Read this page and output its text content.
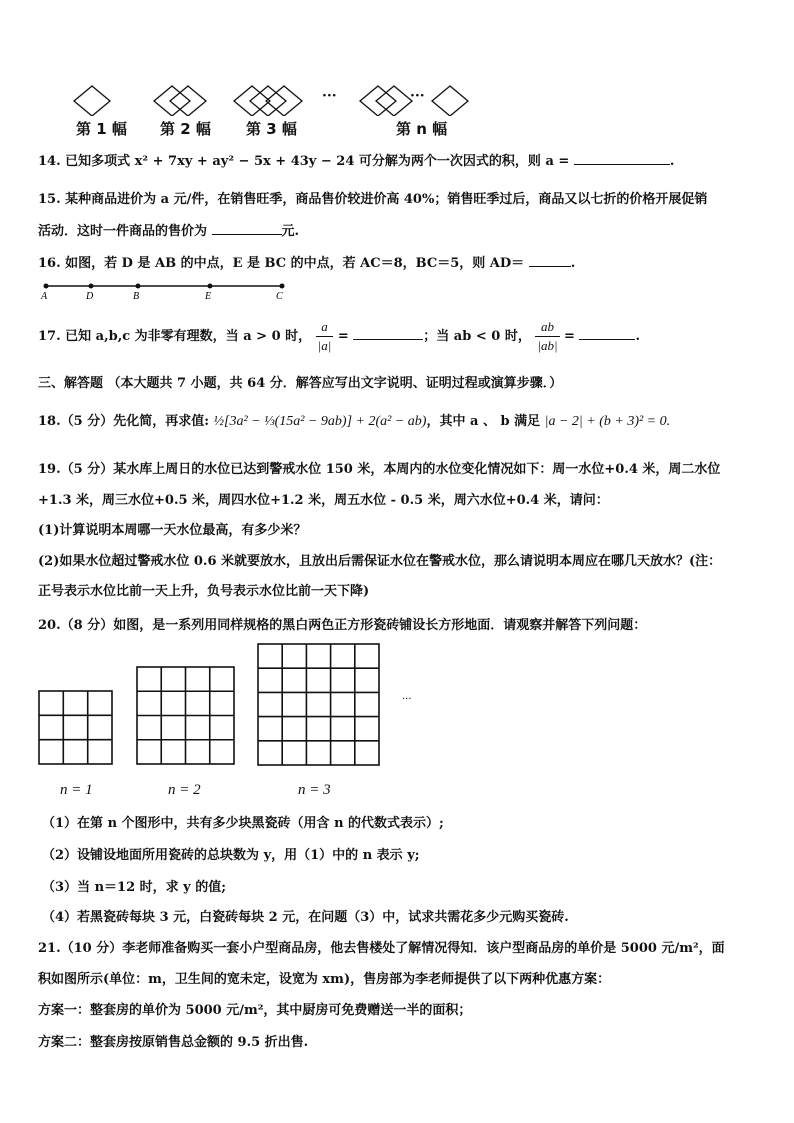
···	···
第 1 幅 第 2 幅 第 3 幅	第 n 幅
14. 已知多项式 x² + 7xy + ay² − 5x + 43y − 24 可分解为两个一次因式的积，则 a =	.
15. 某种商品进价为 a 元/件，在销售旺季，商品售价较进价高 40%；销售旺季过后，商品又以七折的价格开展促销
活动．这时一件商品的售价为	元.
16. 如图，若 D 是 AB 的中点，E 是 BC 的中点，若 AC＝8，BC＝5，则 AD＝	.
A	D	B	E	C
17. 已知 a,b,c 为非零有理数，当 a > 0 时， $\frac{a}{|a|}$ =	；当 ab < 0 时， $\frac{ab}{|ab|}$ =	.
三、解答题 （本大题共 7 小题，共 64 分．解答应写出文字说明、证明过程或演算步骤．）
18.（5 分）先化简，再求值: ½[3a² − ⅓(15a² − 9ab)] + 2(a² − ab)，其中 a 、 b 满足 |a − 2| + (b + 3)² = 0.
19.（5 分）某水库上周日的水位已达到警戒水位 150 米，本周内的水位变化情况如下：周一水位+0.4 米，周二水位
+1.3 米，周三水位+0.5 米，周四水位+1.2 米，周五水位 - 0.5 米，周六水位+0.4 米，请问：
(1)计算说明本周哪一天水位最高，有多少米？
(2)如果水位超过警戒水位 0.6 米就要放水，且放出后需保证水位在警戒水位，那么请说明本周应在哪几天放水？(注：
正号表示水位比前一天上升，负号表示水位比前一天下降)
20.（8 分）如图，是一系列用同样规格的黑白两色正方形瓷砖铺设长方形地面．请观察并解答下列问题：
···
n = 1	n = 2	n = 3
（1）在第 n 个图形中，共有多少块黑瓷砖（用含 n 的代数式表示）;
（2）设铺设地面所用瓷砖的总块数为 y，用（1）中的 n 表示 y;
（3）当 n＝12 时，求 y 的值;
（4）若黑瓷砖每块 3 元，白瓷砖每块 2 元，在问题（3）中，试求共需花多少元购买瓷砖.
21.（10 分）李老师准备购买一套小户型商品房，他去售楼处了解情况得知．该户型商品房的单价是 5000 元/m²，面
积如图所示(单位：m，卫生间的宽未定，设宽为 xm)，售房部为李老师提供了以下两种优惠方案：
方案一：整套房的单价为 5000 元/m²，其中厨房可免费赠送一半的面积；
方案二：整套房按原销售总金额的 9.5 折出售.
